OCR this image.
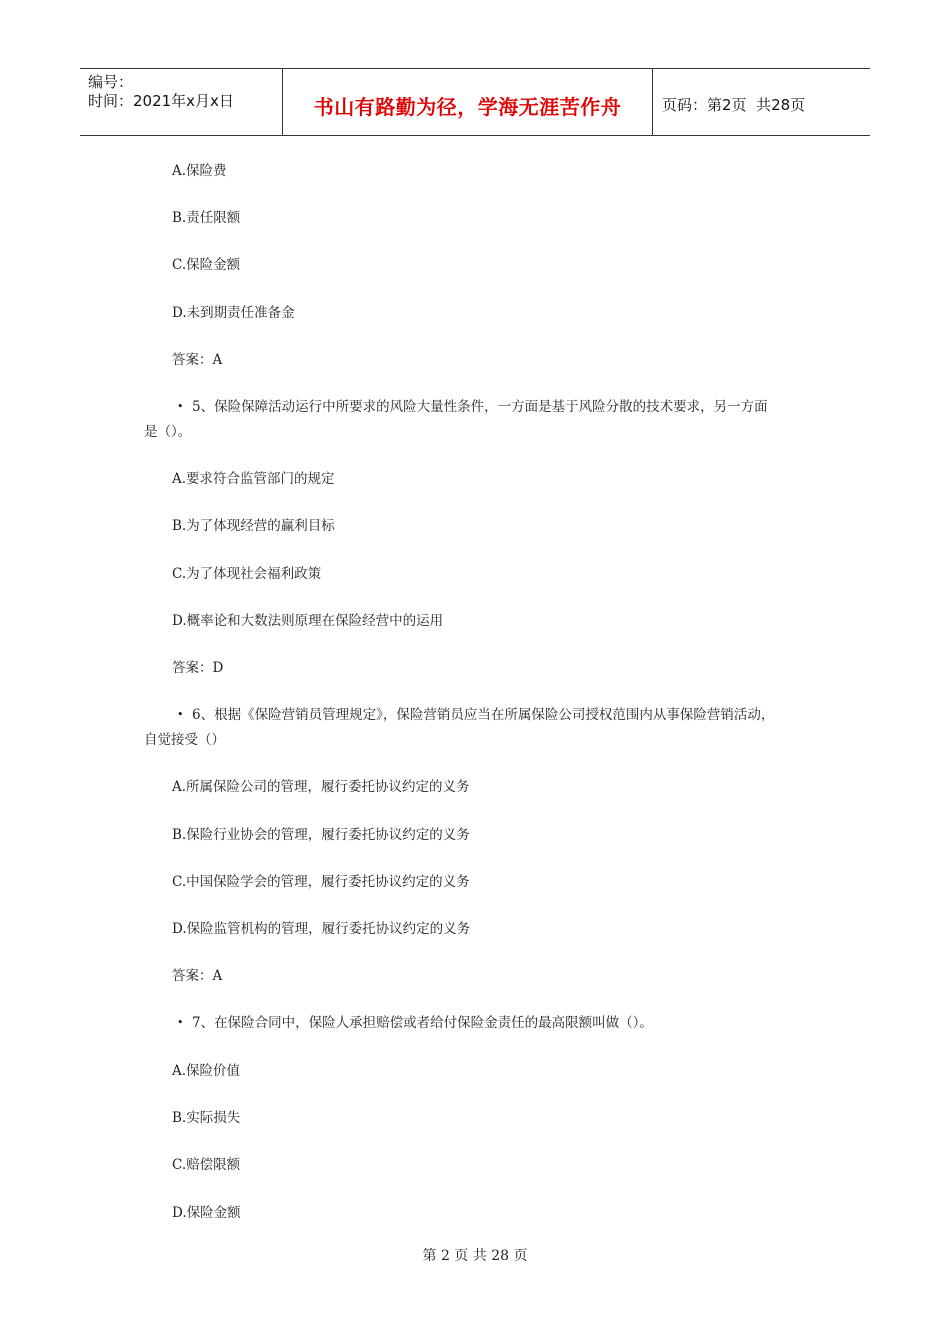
编号：
时间：2021年x月x日	书山有路勤为径，学海无涯苦作舟	页码：第2页  共28页
A.保险费
B.责任限额
C.保险金额
D.未到期责任准备金
答案：A
• 5、保险保障活动运行中所要求的风险大量性条件，一方面是基于风险分散的技术要求，另一方面
是（）。
A.要求符合监管部门的规定
B.为了体现经营的赢利目标
C.为了体现社会福利政策
D.概率论和大数法则原理在保险经营中的运用
答案：D
• 6、根据《保险营销员管理规定》，保险营销员应当在所属保险公司授权范围内从事保险营销活动，
自觉接受（）
A.所属保险公司的管理，履行委托协议约定的义务
B.保险行业协会的管理，履行委托协议约定的义务
C.中国保险学会的管理，履行委托协议约定的义务
D.保险监管机构的管理，履行委托协议约定的义务
答案：A
• 7、在保险合同中，保险人承担赔偿或者给付保险金责任的最高限额叫做（）。
A.保险价值
B.实际损失
C.赔偿限额
D.保险金额
第 2 页 共 28 页
